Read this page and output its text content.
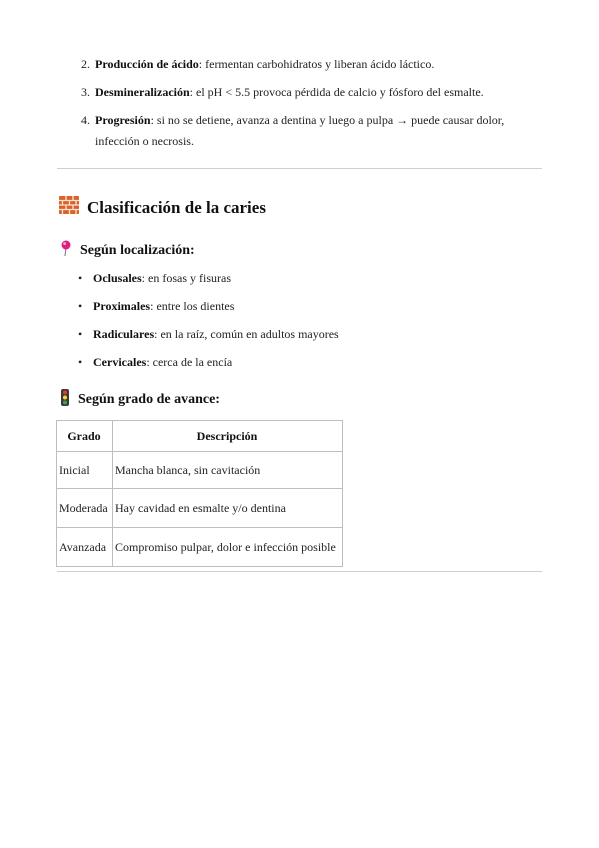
2. Producción de ácido: fermentan carbohidratos y liberan ácido láctico.
3. Desmineralización: el pH < 5.5 provoca pérdida de calcio y fósforo del esmalte.
4. Progresión: si no se detiene, avanza a dentina y luego a pulpa → puede causar dolor, infección o necrosis.
Clasificación de la caries
Según localización:
• Oclusales: en fosas y fisuras
• Proximales: entre los dientes
• Radiculares: en la raíz, común en adultos mayores
• Cervicales: cerca de la encía
Según grado de avance:
Grado	Descripción
Inicial	Mancha blanca, sin cavitación
Moderada	Hay cavidad en esmalte y/o dentina
Avanzada	Compromiso pulpar, dolor e infección posible
